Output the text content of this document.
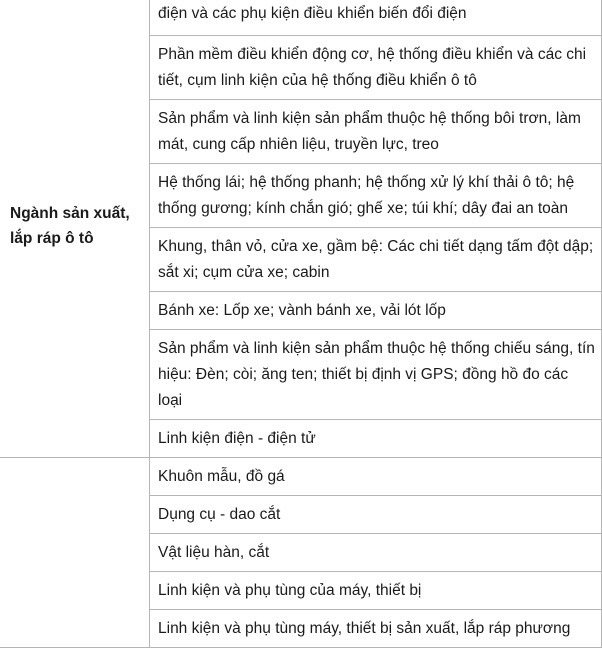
Ngành sản xuất, lắp ráp ô tô	điện và các phụ kiện điều khiển biến đổi điện

	Phần mềm điều khiển động cơ, hệ thống điều khiển và các chi tiết, cụm linh kiện của hệ thống điều khiển ô tô

	Sản phẩm và linh kiện sản phẩm thuộc hệ thống bôi trơn, làm mát, cung cấp nhiên liệu, truyền lực, treo

	Hệ thống lái; hệ thống phanh; hệ thống xử lý khí thải ô tô; hệ thống gương; kính chắn gió; ghế xe; túi khí; dây đai an toàn

	Khung, thân vỏ, cửa xe, gầm bệ: Các chi tiết dạng tấm đột dập; sắt xi; cụm cửa xe; cabin

	Bánh xe: Lốp xe; vành bánh xe, vải lót lốp

	Sản phẩm và linh kiện sản phẩm thuộc hệ thống chiếu sáng, tín hiệu: Đèn; còi; ăng ten; thiết bị định vị GPS; đồng hồ đo các loại

	Linh kiện điện - điện tử

	Khuôn mẫu, đồ gá

	Dụng cụ - dao cắt

	Vật liệu hàn, cắt

	Linh kiện và phụ tùng của máy, thiết bị

	Linh kiện và phụ tùng máy, thiết bị sản xuất, lắp ráp phương
